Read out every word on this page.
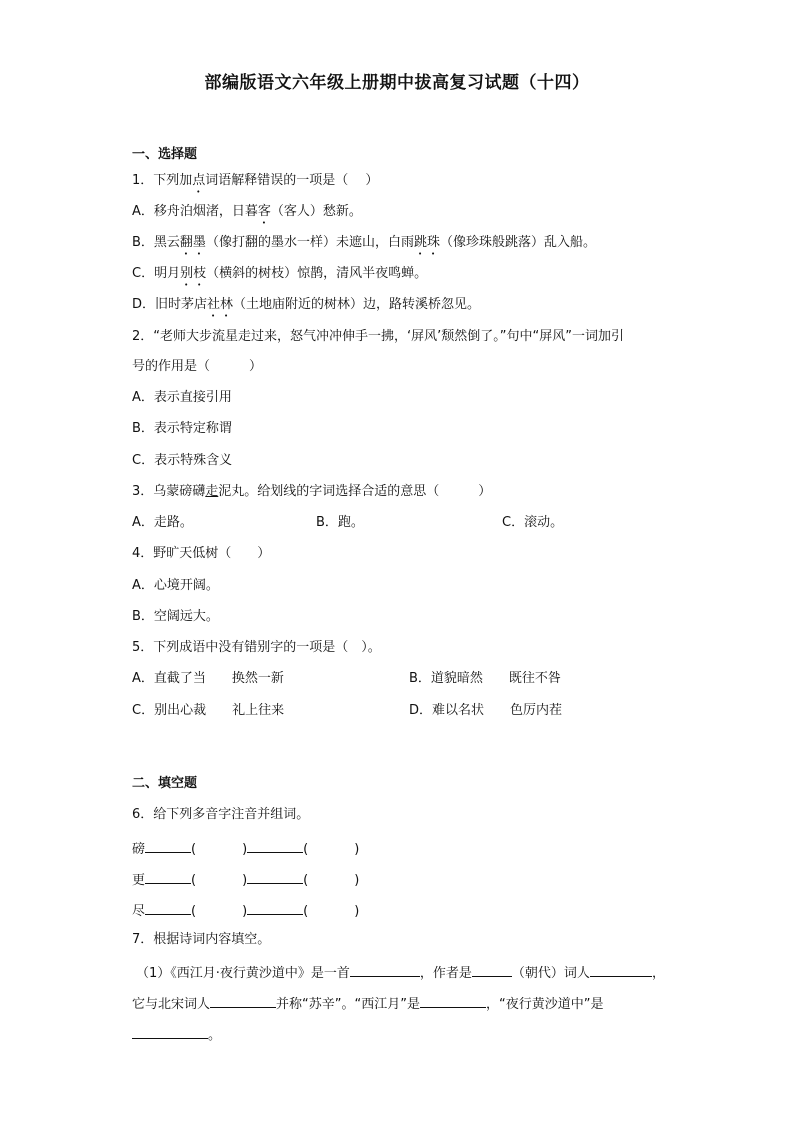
部编版语文六年级上册期中拔高复习试题（十四）
一、选择题
1．下列加点词语解释错误的一项是（　 ）
A．移舟泊烟渚，日暮客（客人）愁新。
B．黑云翻墨（像打翻的墨水一样）未遮山，白雨跳珠（像珍珠般跳落）乱入船。
C．明月别枝（横斜的树枝）惊鹊，清风半夜鸣蝉。
D．旧时茅店社林（土地庙附近的树林）边，路转溪桥忽见。
2．“老师大步流星走过来，怒气冲冲伸手一拂，‘屏风’颓然倒了。”句中“屏风”一词加引
号的作用是（　　　）
A．表示直接引用
B．表示特定称谓
C．表示特殊含义
3．乌蒙磅礴走泥丸。给划线的字词选择合适的意思（　　　）
A．走路。	B．跑。	C．滚动。
4．野旷天低树（　　）
A．心境开阔。
B．空阔远大。
5．下列成语中没有错别字的一项是（　）。
A．直截了当　　换然一新	B．道貌暗然　　既往不咎
C．别出心裁　　礼上往来	D．难以名状　　色厉内茬
二、填空题
6．给下列多音字注音并组词。
磅	(	)	(	)
更	(	)	(	)
尽	(	)	(	)
7．根据诗词内容填空。
（1）《西江月·夜行黄沙道中》是一首	，作者是	（朝代）词人	，
它与北宋词人	并称“苏辛”。“西江月”是	，“夜行黄沙道中”是
。
